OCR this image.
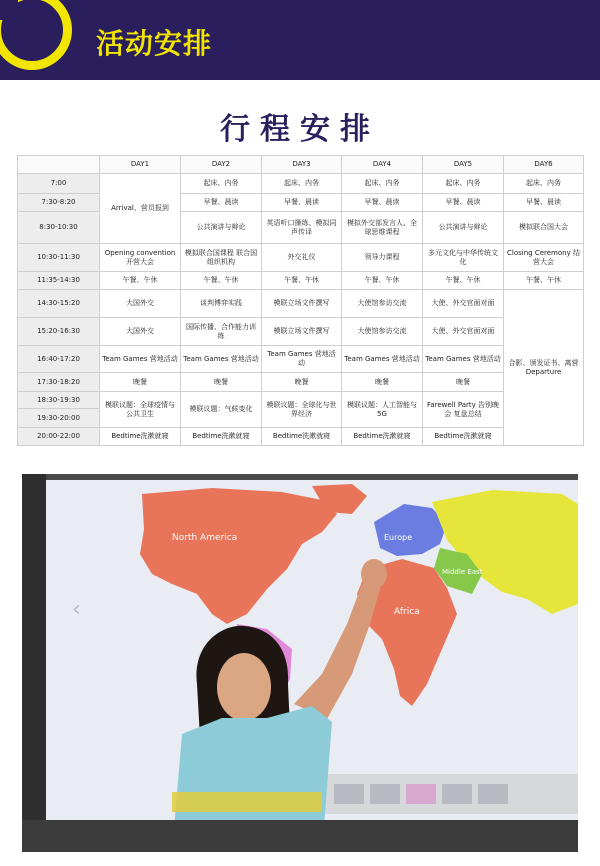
活动安排
行程安排
	DAY1	DAY2	DAY3	DAY4	DAY5	DAY6
7:00	Arrival、营员报到	起床、内务	起床、内务	起床、内务	起床、内务	起床、内务
7:30-8:20		早餐、晨读	早餐、晨读	早餐、晨读	早餐、晨读	早餐、晨读
8:30-10:30		公共演讲与辩论	英语听口操练、模拟同声传译	模拟外交部发言人、全球思维课程	公共演讲与辩论	模拟联合国大会
10:30-11:30	Opening convention 开营大会	模拟联合国课程 联合国组织机构	外交礼仪	领导力课程	多元文化与中华传统文化	Closing Ceremony 结营大会
11:35-14:30	午餐、午休	午餐、午休	午餐、午休	午餐、午休	午餐、午休	午餐、午休
14:30-15:20	大国外交	谈判博弈实践	模联立场文件撰写	大使馆参访交流	大使、外交官面对面	合影、颁发证书、离营Departure
15:20-16:30	大国外交	国际传播、合作能力训练	模联立场文件撰写	大使馆参访交流	大使、外交官面对面	
16:40-17:20	Team Games 营地活动	Team Games 营地活动	Team Games 营地活动	Team Games 营地活动	Team Games 营地活动	
17:30-18:20	晚餐	晚餐	晚餐	晚餐	晚餐	
18:30-19:30	模联议题：全球疫情与公共卫生	模联议题：气候变化	模联议题：全球化与世界经济	模联议题：人工智能与5G	Farewell Party 告别晚会 复盘总结	
19:30-20:00						
20:00-22:00	Bedtime洗漱就寝	Bedtime洗漱就寝	Bedtime洗漱就寝	Bedtime洗漱就寝	Bedtime洗漱就寝	
North America	Europe
Middle East
Africa
‹
